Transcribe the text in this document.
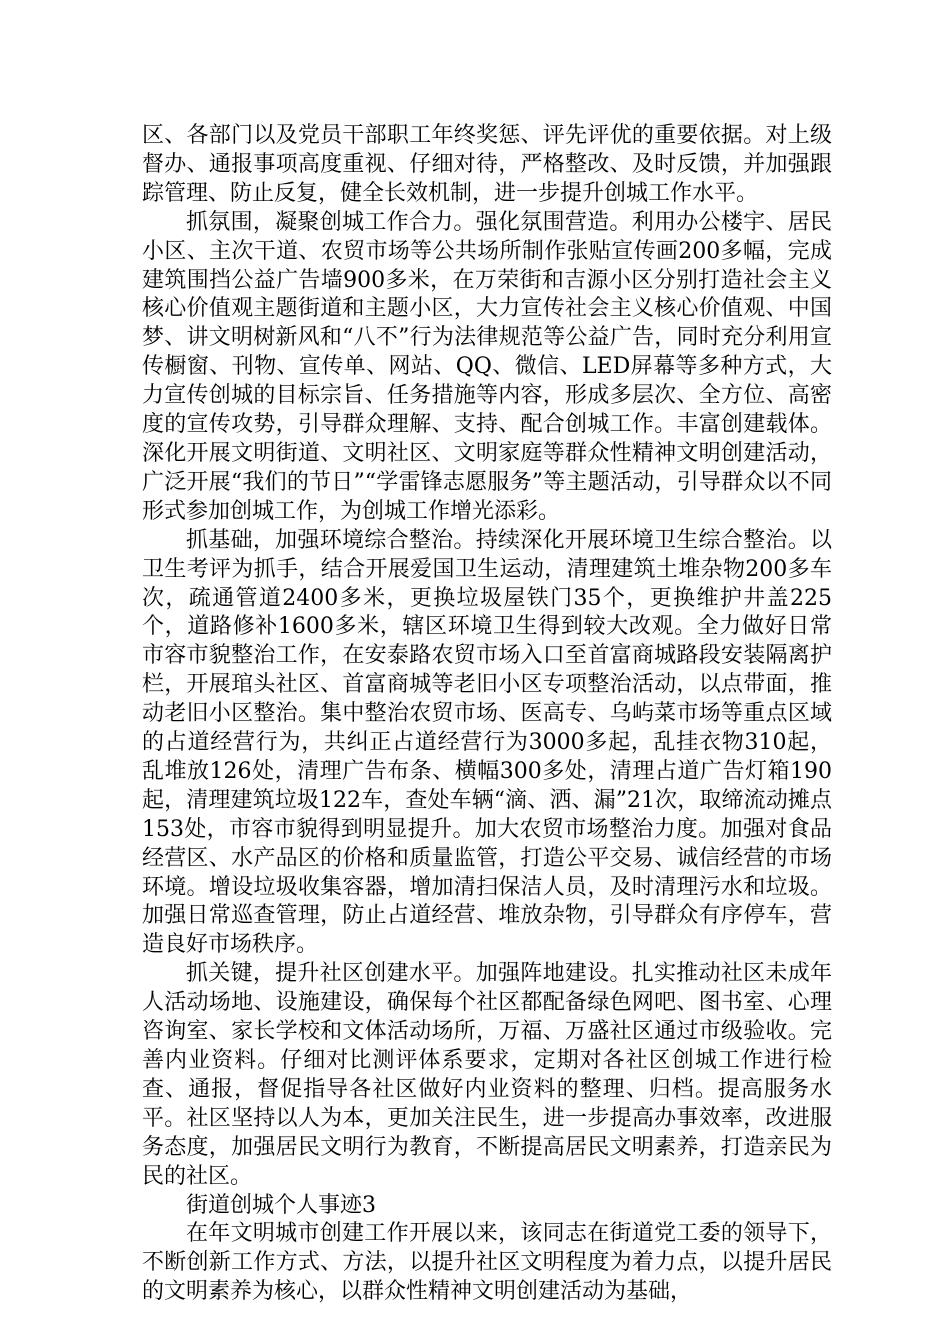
区、各部门以及党员干部职工年终奖惩、评先评优的重要依据。对上级督办、通报事项高度重视、仔细对待，严格整改、及时反馈，并加强跟踪管理、防止反复，健全长效机制，进一步提升创城工作水平。

抓氛围，凝聚创城工作合力。强化氛围营造。利用办公楼宇、居民小区、主次干道、农贸市场等公共场所制作张贴宣传画200多幅，完成建筑围挡公益广告墙900多米，在万荣街和吉源小区分别打造社会主义核心价值观主题街道和主题小区，大力宣传社会主义核心价值观、中国梦、讲文明树新风和“八不”行为法律规范等公益广告，同时充分利用宣传橱窗、刊物、宣传单、网站、QQ、微信、LED屏幕等多种方式，大力宣传创城的目标宗旨、任务措施等内容，形成多层次、全方位、高密度的宣传攻势，引导群众理解、支持、配合创城工作。丰富创建载体。深化开展文明街道、文明社区、文明家庭等群众性精神文明创建活动，广泛开展“我们的节日”“学雷锋志愿服务”等主题活动，引导群众以不同形式参加创城工作，为创城工作增光添彩。

抓基础，加强环境综合整治。持续深化开展环境卫生综合整治。以卫生考评为抓手，结合开展爱国卫生运动，清理建筑土堆杂物200多车次，疏通管道2400多米，更换垃圾屋铁门35个，更换维护井盖225个，道路修补1600多米，辖区环境卫生得到较大改观。全力做好日常市容市貌整治工作，在安泰路农贸市场入口至首富商城路段安装隔离护栏，开展琯头社区、首富商城等老旧小区专项整治活动，以点带面，推动老旧小区整治。集中整治农贸市场、医高专、乌屿菜市场等重点区域的占道经营行为，共纠正占道经营行为3000多起，乱挂衣物310起，乱堆放126处，清理广告布条、横幅300多处，清理占道广告灯箱190起，清理建筑垃圾122车，查处车辆“滴、洒、漏”21次，取缔流动摊点153处，市容市貌得到明显提升。加大农贸市场整治力度。加强对食品经营区、水产品区的价格和质量监管，打造公平交易、诚信经营的市场环境。增设垃圾收集容器，增加清扫保洁人员，及时清理污水和垃圾。加强日常巡查管理，防止占道经营、堆放杂物，引导群众有序停车，营造良好市场秩序。

抓关键，提升社区创建水平。加强阵地建设。扎实推动社区未成年人活动场地、设施建设，确保每个社区都配备绿色网吧、图书室、心理咨询室、家长学校和文体活动场所，万福、万盛社区通过市级验收。完善内业资料。仔细对比测评体系要求，定期对各社区创城工作进行检查、通报，督促指导各社区做好内业资料的整理、归档。提高服务水平。社区坚持以人为本，更加关注民生，进一步提高办事效率，改进服务态度，加强居民文明行为教育，不断提高居民文明素养，打造亲民为民的社区。

街道创城个人事迹3

在年文明城市创建工作开展以来，该同志在街道党工委的领导下，不断创新工作方式、方法，以提升社区文明程度为着力点，以提升居民的文明素养为核心，以群众性精神文明创建活动为基础，
